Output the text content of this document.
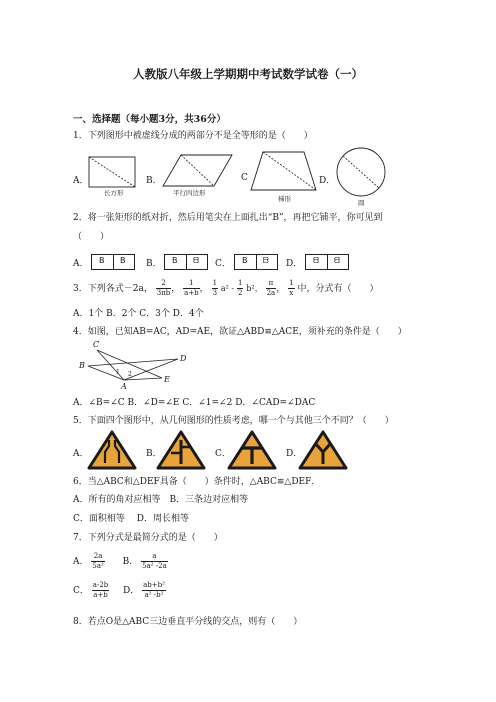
人教版八年级上学期期中考试数学试卷（一）
一、选择题（每小题3分，共36分）
1．下列图形中被虚线分成的两部分不是全等形的是（　　）
A．	B．	C	D．
长方形	平行四边形
梯形	圆
2．将一张矩形的纸对折，然后用笔尖在上面扎出“B”，再把它铺平，你可见到
（　　）
A． B B B． B ᗺ C． B ᗷ D． ᗺ ᗺ
3．下列各式－2a， $\frac{2}{3\pi b}$ ， $\frac{1}{a+b}$ ， $\frac{1}{3} a^2 - \frac{1}{2} b^2$， $\frac{\pi}{2a}$ ， $\frac{1}{x}$ 中，分式有（　　）
A．1个 B．2个 C．3个 D．4个
4．如图，已知AB=AC，AD=AE，欲证△ABD≌△ACE，须补充的条件是（　　）
C
B
A
D
E
1 2
A．∠B=∠C B．∠D=∠E C．∠1=∠2 D．∠CAD=∠DAC
5．下面四个图形中，从几何图形的性质考虑，哪一个与其他三个不同？（　　）
A．	B．	C．	D．
6．当△ABC和△DEF具备（　　）条件时，△ABC≌△DEF．
A．所有的角对应相等　B．三条边对应相等
C．面积相等　 D．周长相等
7．下列分式是最简分式的是（　　）
A． $\frac{2a}{\text{5a²}}$ B． $\frac{a}{\text{5a² -2a}}$
C． $\frac{a-2b}{a+b}$ D． $\frac{\text{ab+b²}}{\text{a² -b²}}$
8．若点O是△ABC三边垂直平分线的交点，则有（　　）
